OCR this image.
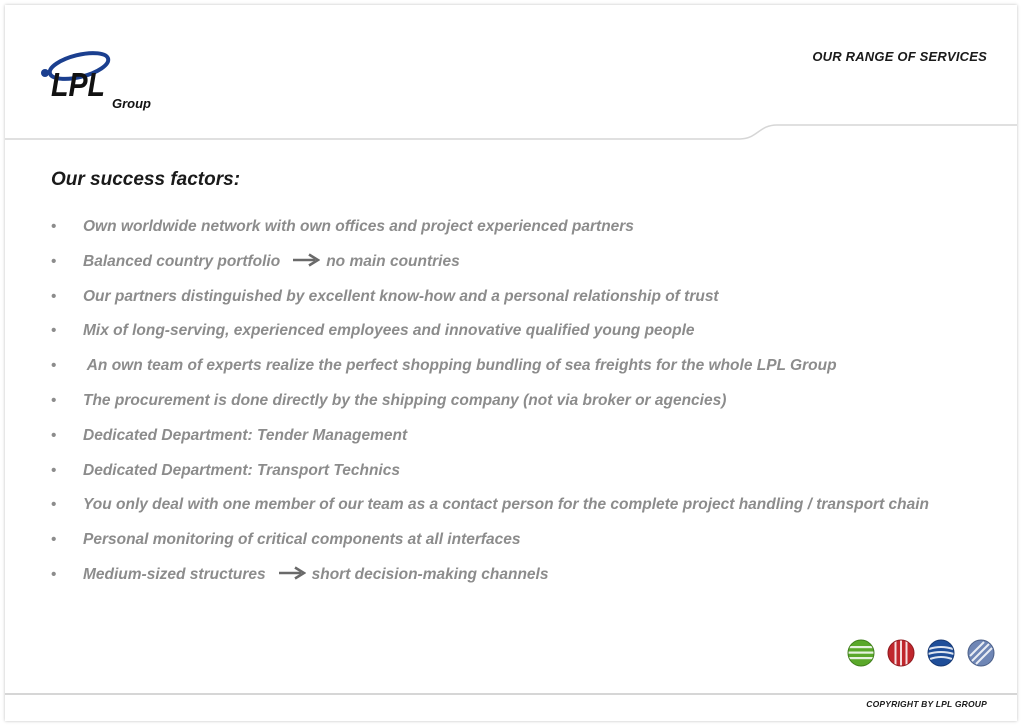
LPL
Group
OUR RANGE OF SERVICES
Our success factors:
• Own worldwide network with own offices and project experienced partners
• Balanced country portfolio	no main countries
• Our partners distinguished by excellent know-how and a personal relationship of trust
• Mix of long-serving, experienced employees and innovative qualified young people
• An own team of experts realize the perfect shopping bundling of sea freights for the whole LPL Group
• The procurement is done directly by the shipping company (not via broker or agencies)
• Dedicated Department: Tender Management
• Dedicated Department: Transport Technics
• You only deal with one member of our team as a contact person for the complete project handling / transport chain
• Personal monitoring of critical components at all interfaces
• Medium-sized structures	short decision-making channels
COPYRIGHT BY LPL GROUP
